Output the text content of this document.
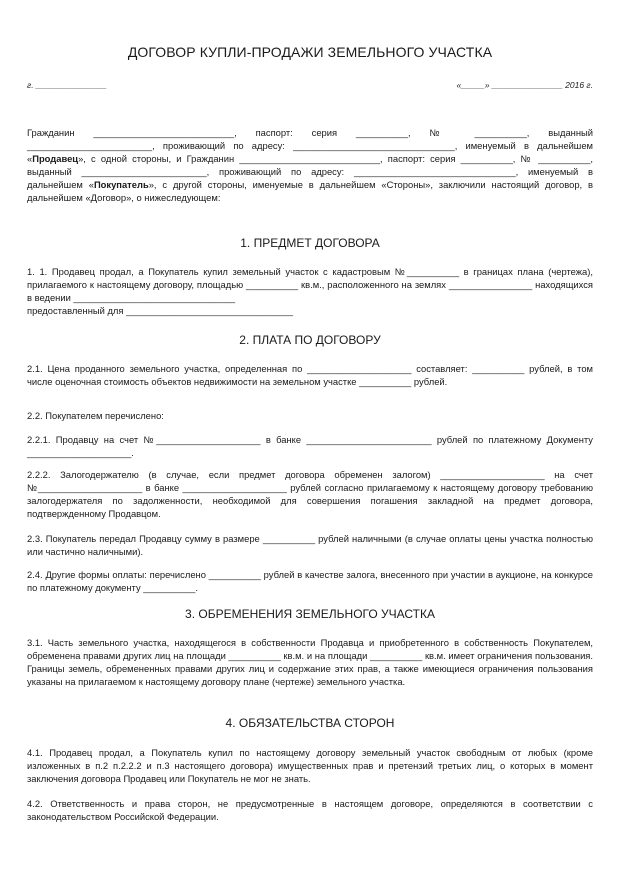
ДОГОВОР КУПЛИ-ПРОДАЖИ ЗЕМЕЛЬНОГО УЧАСТКА
г. _______________	«_____» _______________ 2016 г.
Гражданин ___________________________, паспорт: серия __________, № __________, выданный ________________________, проживающий по адресу: _______________________________, именуемый в дальнейшем «Продавец», с одной стороны, и Гражданин ___________________________, паспорт: серия __________, № __________, выданный ________________________, проживающий по адресу: _______________________________, именуемый в дальнейшем «Покупатель», с другой стороны, именуемые в дальнейшем «Стороны», заключили настоящий договор, в дальнейшем «Договор», о нижеследующем:
1. ПРЕДМЕТ ДОГОВОРА
1. 1. Продавец продал, а Покупатель купил земельный участок с кадастровым №__________ в границах плана (чертежа), прилагаемого к настоящему договору, площадью __________ кв.м., расположенного на землях ________________ находящихся в ведении _______________________________
предоставленный для ________________________________
2. ПЛАТА ПО ДОГОВОРУ
2.1. Цена проданного земельного участка, определенная по ____________________ составляет: __________ рублей, в том числе оценочная стоимость объектов недвижимости на земельном участке __________ рублей.
2.2. Покупателем перечислено:
2.2.1. Продавцу на счет №____________________ в банке ________________________ рублей по платежному Документу ____________________.
2.2.2. Залогодержателю (в случае, если предмет договора обременен залогом) ____________________ на счет №____________________ в банке ____________________ рублей согласно прилагаемому к настоящему договору требованию залогодержателя по задолженности, необходимой для совершения погашения закладной на предмет договора, подтвержденному Продавцом.
2.3. Покупатель передал Продавцу сумму в размере __________ рублей наличными (в случае оплаты цены участка полностью или частично наличными).
2.4. Другие формы оплаты: перечислено __________ рублей в качестве залога, внесенного при участии в аукционе, на конкурсе по платежному документу __________.
3. ОБРЕМЕНЕНИЯ ЗЕМЕЛЬНОГО УЧАСТКА
3.1. Часть земельного участка, находящегося в собственности Продавца и приобретенного в собственность Покупателем, обременена правами других лиц на площади __________ кв.м. и на площади __________ кв.м. имеет ограничения пользования. Границы земель, обремененных правами других лиц и содержание этих прав, а также имеющиеся ограничения пользования указаны на прилагаемом к настоящему договору плане (чертеже) земельного участка.
4. ОБЯЗАТЕЛЬСТВА СТОРОН
4.1. Продавец продал, а Покупатель купил по настоящему договору земельный участок свободным от любых (кроме изложенных в п.2 п.2.2.2 и п.3 настоящего договора) имущественных прав и претензий третьих лиц, о которых в момент заключения договора Продавец или Покупатель не мог не знать.
4.2. Ответственность и права сторон, не предусмотренные в настоящем договоре, определяются в соответствии с законодательством Российской Федерации.
